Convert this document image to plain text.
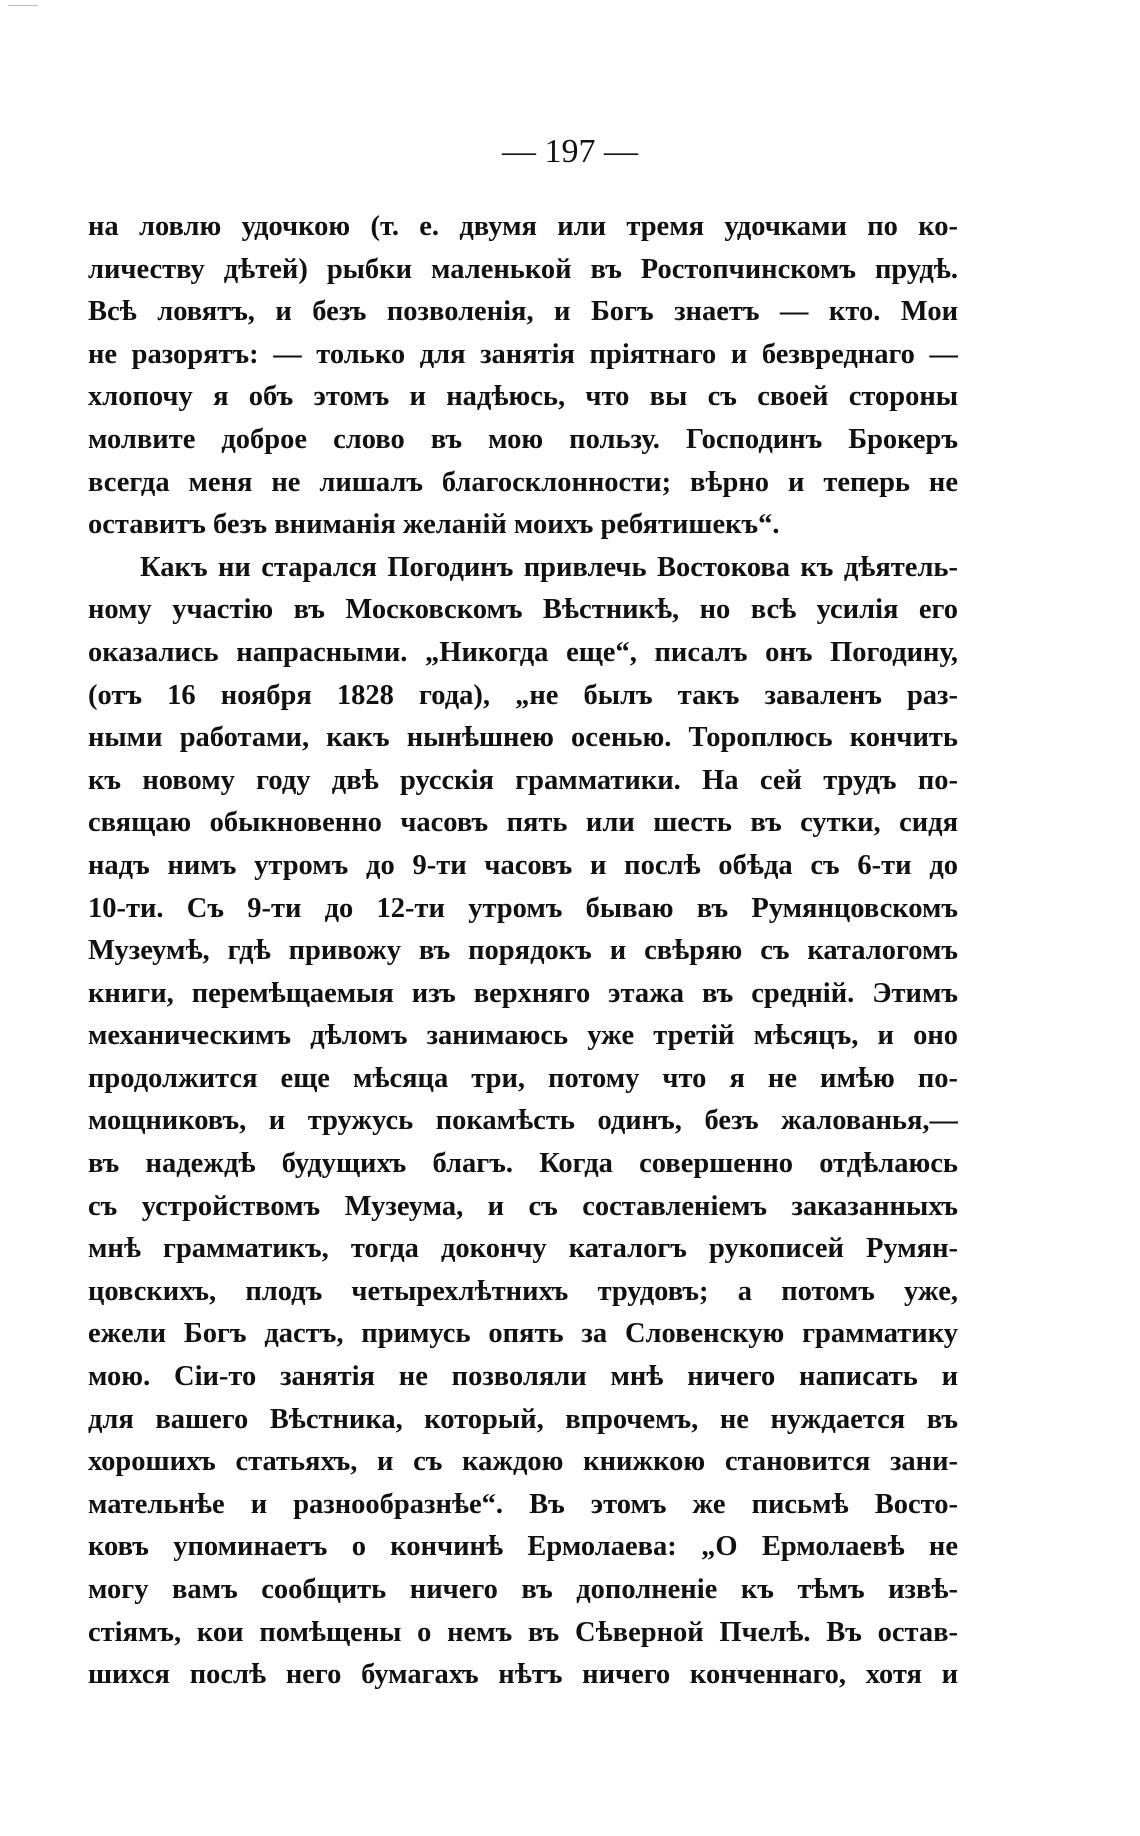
— 197 —
на ловлю удочкою (т. е. двумя или тремя удочками по ко-
личеству дѣтей) рыбки маленькой въ Ростопчинскомъ прудѣ.
Всѣ ловятъ, и безъ позволенія, и Богъ знаетъ — кто. Мои
не разорятъ: — только для занятія пріятнаго и безвреднаго —
хлопочу я объ этомъ и надѣюсь, что вы съ своей стороны
молвите доброе слово въ мою пользу. Господинъ Брокеръ
всегда меня не лишалъ благосклонности; вѣрно и теперь не
оставитъ безъ вниманія желаній моихъ ребятишекъ“.
Какъ ни старался Погодинъ привлечь Востокова къ дѣятель-
ному участію въ Московскомъ Вѣстникѣ, но всѣ усилія его
оказались напрасными. „Никогда еще“, писалъ онъ Погодину,
(отъ 16 ноября 1828 года), „не былъ такъ заваленъ раз-
ными работами, какъ нынѣшнею осенью. Тороплюсь кончить
къ новому году двѣ русскія грамматики. На сей трудъ по-
свящаю обыкновенно часовъ пять или шесть въ сутки, сидя
надъ нимъ утромъ до 9-ти часовъ и послѣ обѣда съ 6-ти до
10-ти. Съ 9-ти до 12-ти утромъ бываю въ Румянцовскомъ
Музеумѣ, гдѣ привожу въ порядокъ и свѣряю съ каталогомъ
книги, перемѣщаемыя изъ верхняго этажа въ средній. Этимъ
механическимъ дѣломъ занимаюсь уже третій мѣсяцъ, и оно
продолжится еще мѣсяца три, потому что я не имѣю по-
мощниковъ, и тружусь покамѣсть одинъ, безъ жалованья,—
въ надеждѣ будущихъ благъ. Когда совершенно отдѣлаюсь
съ устройствомъ Музеума, и съ составленіемъ заказанныхъ
мнѣ грамматикъ, тогда докончу каталогъ рукописей Румян-
цовскихъ, плодъ четырехлѣтнихъ трудовъ; а потомъ уже,
ежели Богъ дастъ, примусь опять за Словенскую грамматику
мою. Сіи-то занятія не позволяли мнѣ ничего написать и
для вашего Вѣстника, который, впрочемъ, не нуждается въ
хорошихъ статьяхъ, и съ каждою книжкою становится зани-
мательнѣе и разнообразнѣе“. Въ этомъ же письмѣ Восто-
ковъ упоминаетъ о кончинѣ Ермолаева: „О Ермолаевѣ не
могу вамъ сообщить ничего въ дополненіе къ тѣмъ извѣ-
стіямъ, кои помѣщены о немъ въ Сѣверной Пчелѣ. Въ остав-
шихся послѣ него бумагахъ нѣтъ ничего конченнаго, хотя и
